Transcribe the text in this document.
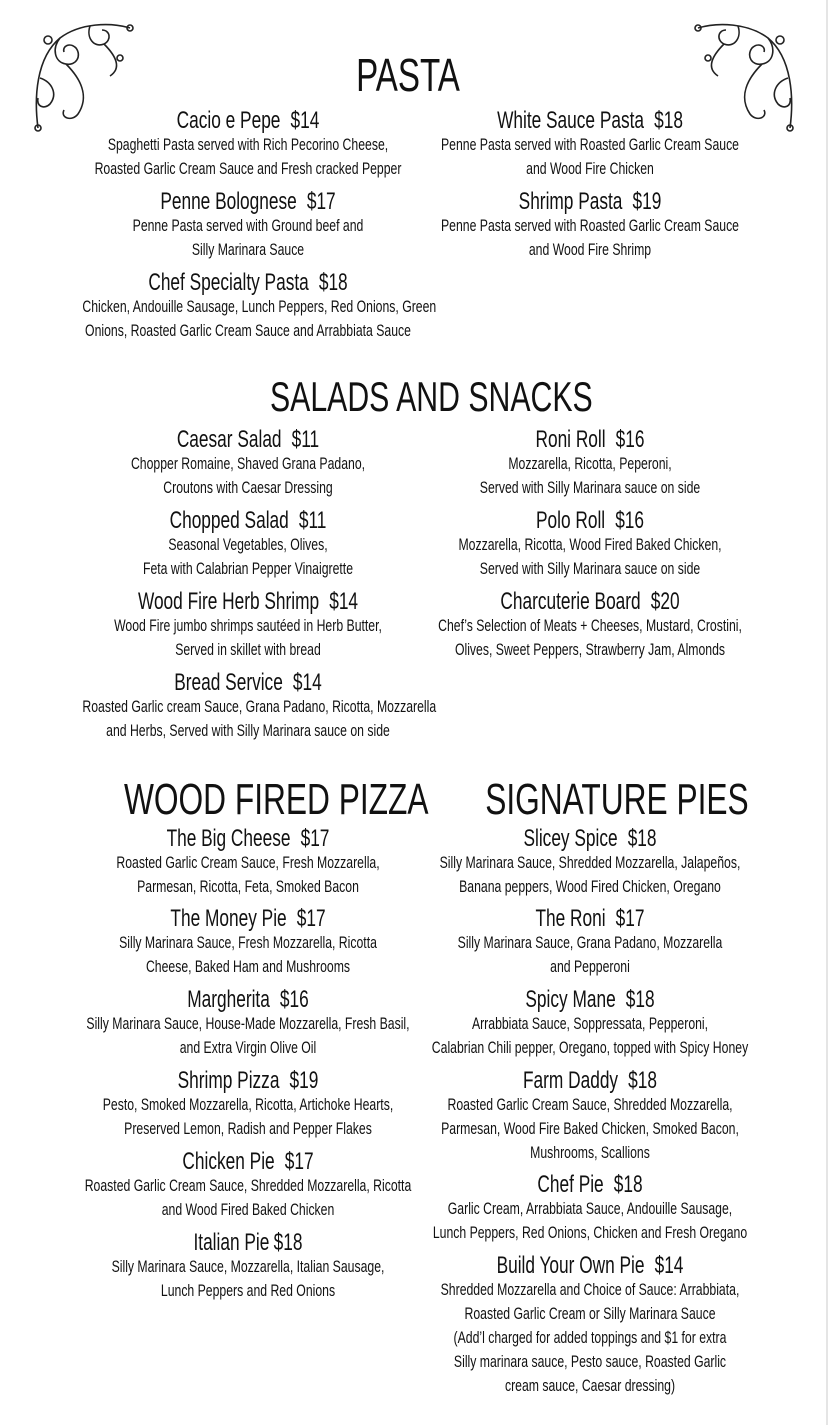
PASTA
SALADS AND SNACKS
WOOD FIRED PIZZA SIGNATURE PIES
Cacio e Pepe $14
Spaghetti Pasta served with Rich Pecorino Cheese,
Roasted Garlic Cream Sauce and Fresh cracked Pepper
Penne Bolognese $17
Penne Pasta served with Ground beef and
Silly Marinara Sauce
Chef Specialty Pasta $18
Chicken, Andouille Sausage, Lunch Peppers, Red Onions, Green
Onions, Roasted Garlic Cream Sauce and Arrabbiata Sauce
White Sauce Pasta $18
Penne Pasta served with Roasted Garlic Cream Sauce
and Wood Fire Chicken
Shrimp Pasta $19
Penne Pasta served with Roasted Garlic Cream Sauce
and Wood Fire Shrimp
Caesar Salad $11
Chopper Romaine, Shaved Grana Padano,
Croutons with Caesar Dressing
Chopped Salad $11
Seasonal Vegetables, Olives,
Feta with Calabrian Pepper Vinaigrette
Wood Fire Herb Shrimp $14
Wood Fire jumbo shrimps sautéed in Herb Butter,
Served in skillet with bread
Bread Service $14
Roasted Garlic cream Sauce, Grana Padano, Ricotta, Mozzarella
and Herbs, Served with Silly Marinara sauce on side
Roni Roll $16
Mozzarella, Ricotta, Peperoni,
Served with Silly Marinara sauce on side
Polo Roll $16
Mozzarella, Ricotta, Wood Fired Baked Chicken,
Served with Silly Marinara sauce on side
Charcuterie Board $20
Chef’s Selection of Meats + Cheeses, Mustard, Crostini,
Olives, Sweet Peppers, Strawberry Jam, Almonds
The Big Cheese $17
Roasted Garlic Cream Sauce, Fresh Mozzarella,
Parmesan, Ricotta, Feta, Smoked Bacon
The Money Pie $17
Silly Marinara Sauce, Fresh Mozzarella, Ricotta
Cheese, Baked Ham and Mushrooms
Margherita $16
Silly Marinara Sauce, House-Made Mozzarella, Fresh Basil,
and Extra Virgin Olive Oil
Shrimp Pizza $19
Pesto, Smoked Mozzarella, Ricotta, Artichoke Hearts,
Preserved Lemon, Radish and Pepper Flakes
Chicken Pie $17
Roasted Garlic Cream Sauce, Shredded Mozzarella, Ricotta
and Wood Fired Baked Chicken
Italian Pie $18
Silly Marinara Sauce, Mozzarella, Italian Sausage,
Lunch Peppers and Red Onions
Slicey Spice $18
Silly Marinara Sauce, Shredded Mozzarella, Jalapeños,
Banana peppers, Wood Fired Chicken, Oregano
The Roni $17
Silly Marinara Sauce, Grana Padano, Mozzarella
and Pepperoni
Spicy Mane $18
Arrabbiata Sauce, Soppressata, Pepperoni,
Calabrian Chili pepper, Oregano, topped with Spicy Honey
Farm Daddy $18
Roasted Garlic Cream Sauce, Shredded Mozzarella,
Parmesan, Wood Fire Baked Chicken, Smoked Bacon,
Mushrooms, Scallions
Chef Pie $18
Garlic Cream, Arrabbiata Sauce, Andouille Sausage,
Lunch Peppers, Red Onions, Chicken and Fresh Oregano
Build Your Own Pie $14
Shredded Mozzarella and Choice of Sauce: Arrabbiata,
Roasted Garlic Cream or Silly Marinara Sauce
(Add’l charged for added toppings and $1 for extra
Silly marinara sauce, Pesto sauce, Roasted Garlic
cream sauce, Caesar dressing)
